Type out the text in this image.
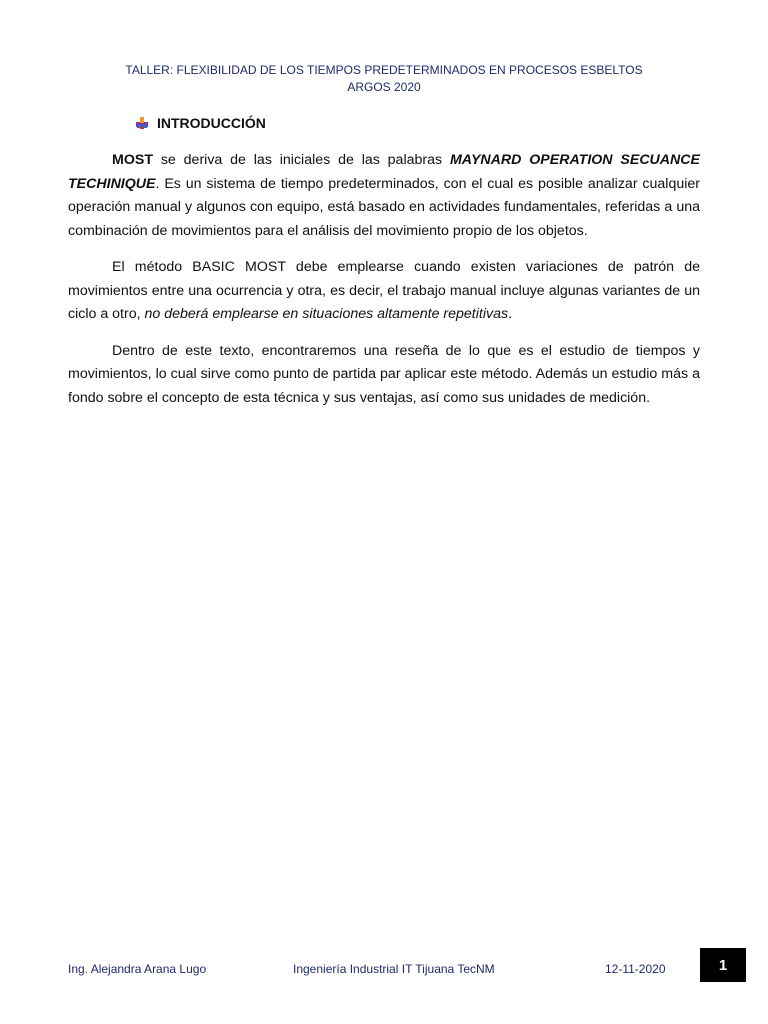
TALLER: FLEXIBILIDAD DE LOS TIEMPOS PREDETERMINADOS EN PROCESOS ESBELTOS
ARGOS 2020
INTRODUCCIÓN

MOST se deriva de las iniciales de las palabras MAYNARD OPERATION SECUANCE TECHINIQUE. Es un sistema de tiempo predeterminados, con el cual es posible analizar cualquier operación manual y algunos con equipo, está basado en actividades fundamentales, referidas a una combinación de movimientos para el análisis del movimiento propio de los objetos.

El método BASIC MOST debe emplearse cuando existen variaciones de patrón de movimientos entre una ocurrencia y otra, es decir, el trabajo manual incluye algunas variantes de un ciclo a otro, no deberá emplearse en situaciones altamente repetitivas.

Dentro de este texto, encontraremos una reseña de lo que es el estudio de tiempos y movimientos, lo cual sirve como punto de partida par aplicar este método. Además un estudio más a fondo sobre el concepto de esta técnica y sus ventajas, así como sus unidades de medición.

Ing. Alejandra Arana Lugo	Ingeniería Industrial IT Tijuana TecNM	12-11-2020	1
